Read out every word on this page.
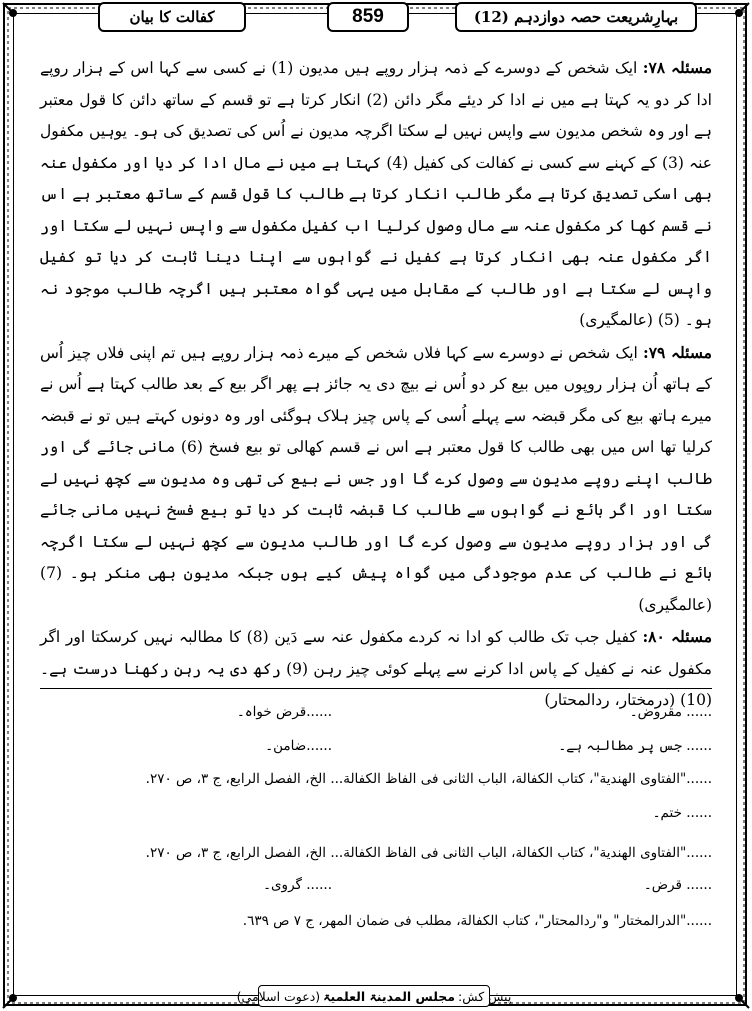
کفالت کا بیان	859	بہارِشریعت حصہ دوازدہم (12)

مسئلہ ۷۸: ایک شخص کے دوسرے کے ذمہ ہزار روپے ہیں مدیون (1) نے کسی سے کہا اس کے ہزار روپے ادا کر دو یہ کہتا ہے میں نے ادا کر دیئے مگر دائن (2) انکار کرتا ہے تو قسم کے ساتھ دائن کا قول معتبر ہے اور وہ شخص مدیون سے واپس نہیں لے سکتا اگرچہ مدیون نے اُس کی تصدیق کی ہو۔ یوہیں مکفول عنہ (3) کے کہنے سے کسی نے کفالت کی کفیل (4) کہتا ہے میں نے مال ادا کر دیا اور مکفول عنہ بھی اسکی تصدیق کرتا ہے مگر طالب انکار کرتا ہے طالب کا قول قسم کے ساتھ معتبر ہے اس نے قسم کھا کر مکفول عنہ سے مال وصول کرلیا اب کفیل مکفول سے واپس نہیں لے سکتا اور اگر مکفول عنہ بھی انکار کرتا ہے کفیل نے گواہوں سے اپنا دینا ثابت کر دیا تو کفیل واپس لے سکتا ہے اور طالب کے مقابل میں یہی گواہ معتبر ہیں اگرچہ طالب موجود نہ ہو۔ (5) (عالمگیری)

مسئلہ ۷۹: ایک شخص نے دوسرے سے کہا فلاں شخص کے میرے ذمہ ہزار روپے ہیں تم اپنی فلاں چیز اُس کے ہاتھ اُن ہزار روپوں میں بیع کر دو اُس نے بیچ دی یہ جائز ہے پھر اگر بیع کے بعد طالب کہتا ہے اُس نے میرے ہاتھ بیع کی مگر قبضہ سے پہلے اُسی کے پاس چیز ہلاک ہوگئی اور وہ دونوں کہتے ہیں تو نے قبضہ کرلیا تھا اس میں بھی طالب کا قول معتبر ہے اس نے قسم کھالی تو بیع فسخ (6) مانی جائے گی اور طالب اپنے روپے مدیون سے وصول کرے گا اور جس نے بیع کی تھی وہ مدیون سے کچھ نہیں لے سکتا اور اگر بائع نے گواہوں سے طالب کا قبضہ ثابت کر دیا تو بیع فسخ نہیں مانی جائے گی اور ہزار روپے مدیون سے وصول کرے گا اور طالب مدیون سے کچھ نہیں لے سکتا اگرچہ بائع نے طالب کی عدم موجودگی میں گواہ پیش کیے ہوں جبکہ مدیون بھی منکر ہو۔ (7) (عالمگیری)

مسئلہ ۸۰: کفیل جب تک طالب کو ادا نہ کردے مکفول عنہ سے دَین (8) کا مطالبہ نہیں کرسکتا اور اگر مکفول عنہ نے کفیل کے پاس ادا کرنے سے پہلے کوئی چیز رہن (9) رکھ دی یہ رہن رکھنا درست ہے۔ (10) (درمختار، ردالمحتار)

...... مقروض۔
......قرض خواہ۔
...... جس پر مطالبہ ہے۔
......ضامن۔
......"الفتاوى الهندية"، كتاب الكفالة، الباب الثانى فى الفاظ الكفالة... الخ، الفصل الرابع، ج ٣، ص ٢٧٠.
...... ختم۔
......"الفتاوى الهندية"، كتاب الكفالة، الباب الثانى فى الفاظ الكفالة... الخ، الفصل الرابع، ج ٣، ص ٢٧٠.
...... قرض۔
...... گروی۔
......"الدرالمختار" و"ردالمحتار"، كتاب الكفالة، مطلب فى ضمان المهر، ج ٧ ص ٦٣٩.
پیش کش:
مجلس المدینۃ العلمیۃ
(دعوت اسلامی)
